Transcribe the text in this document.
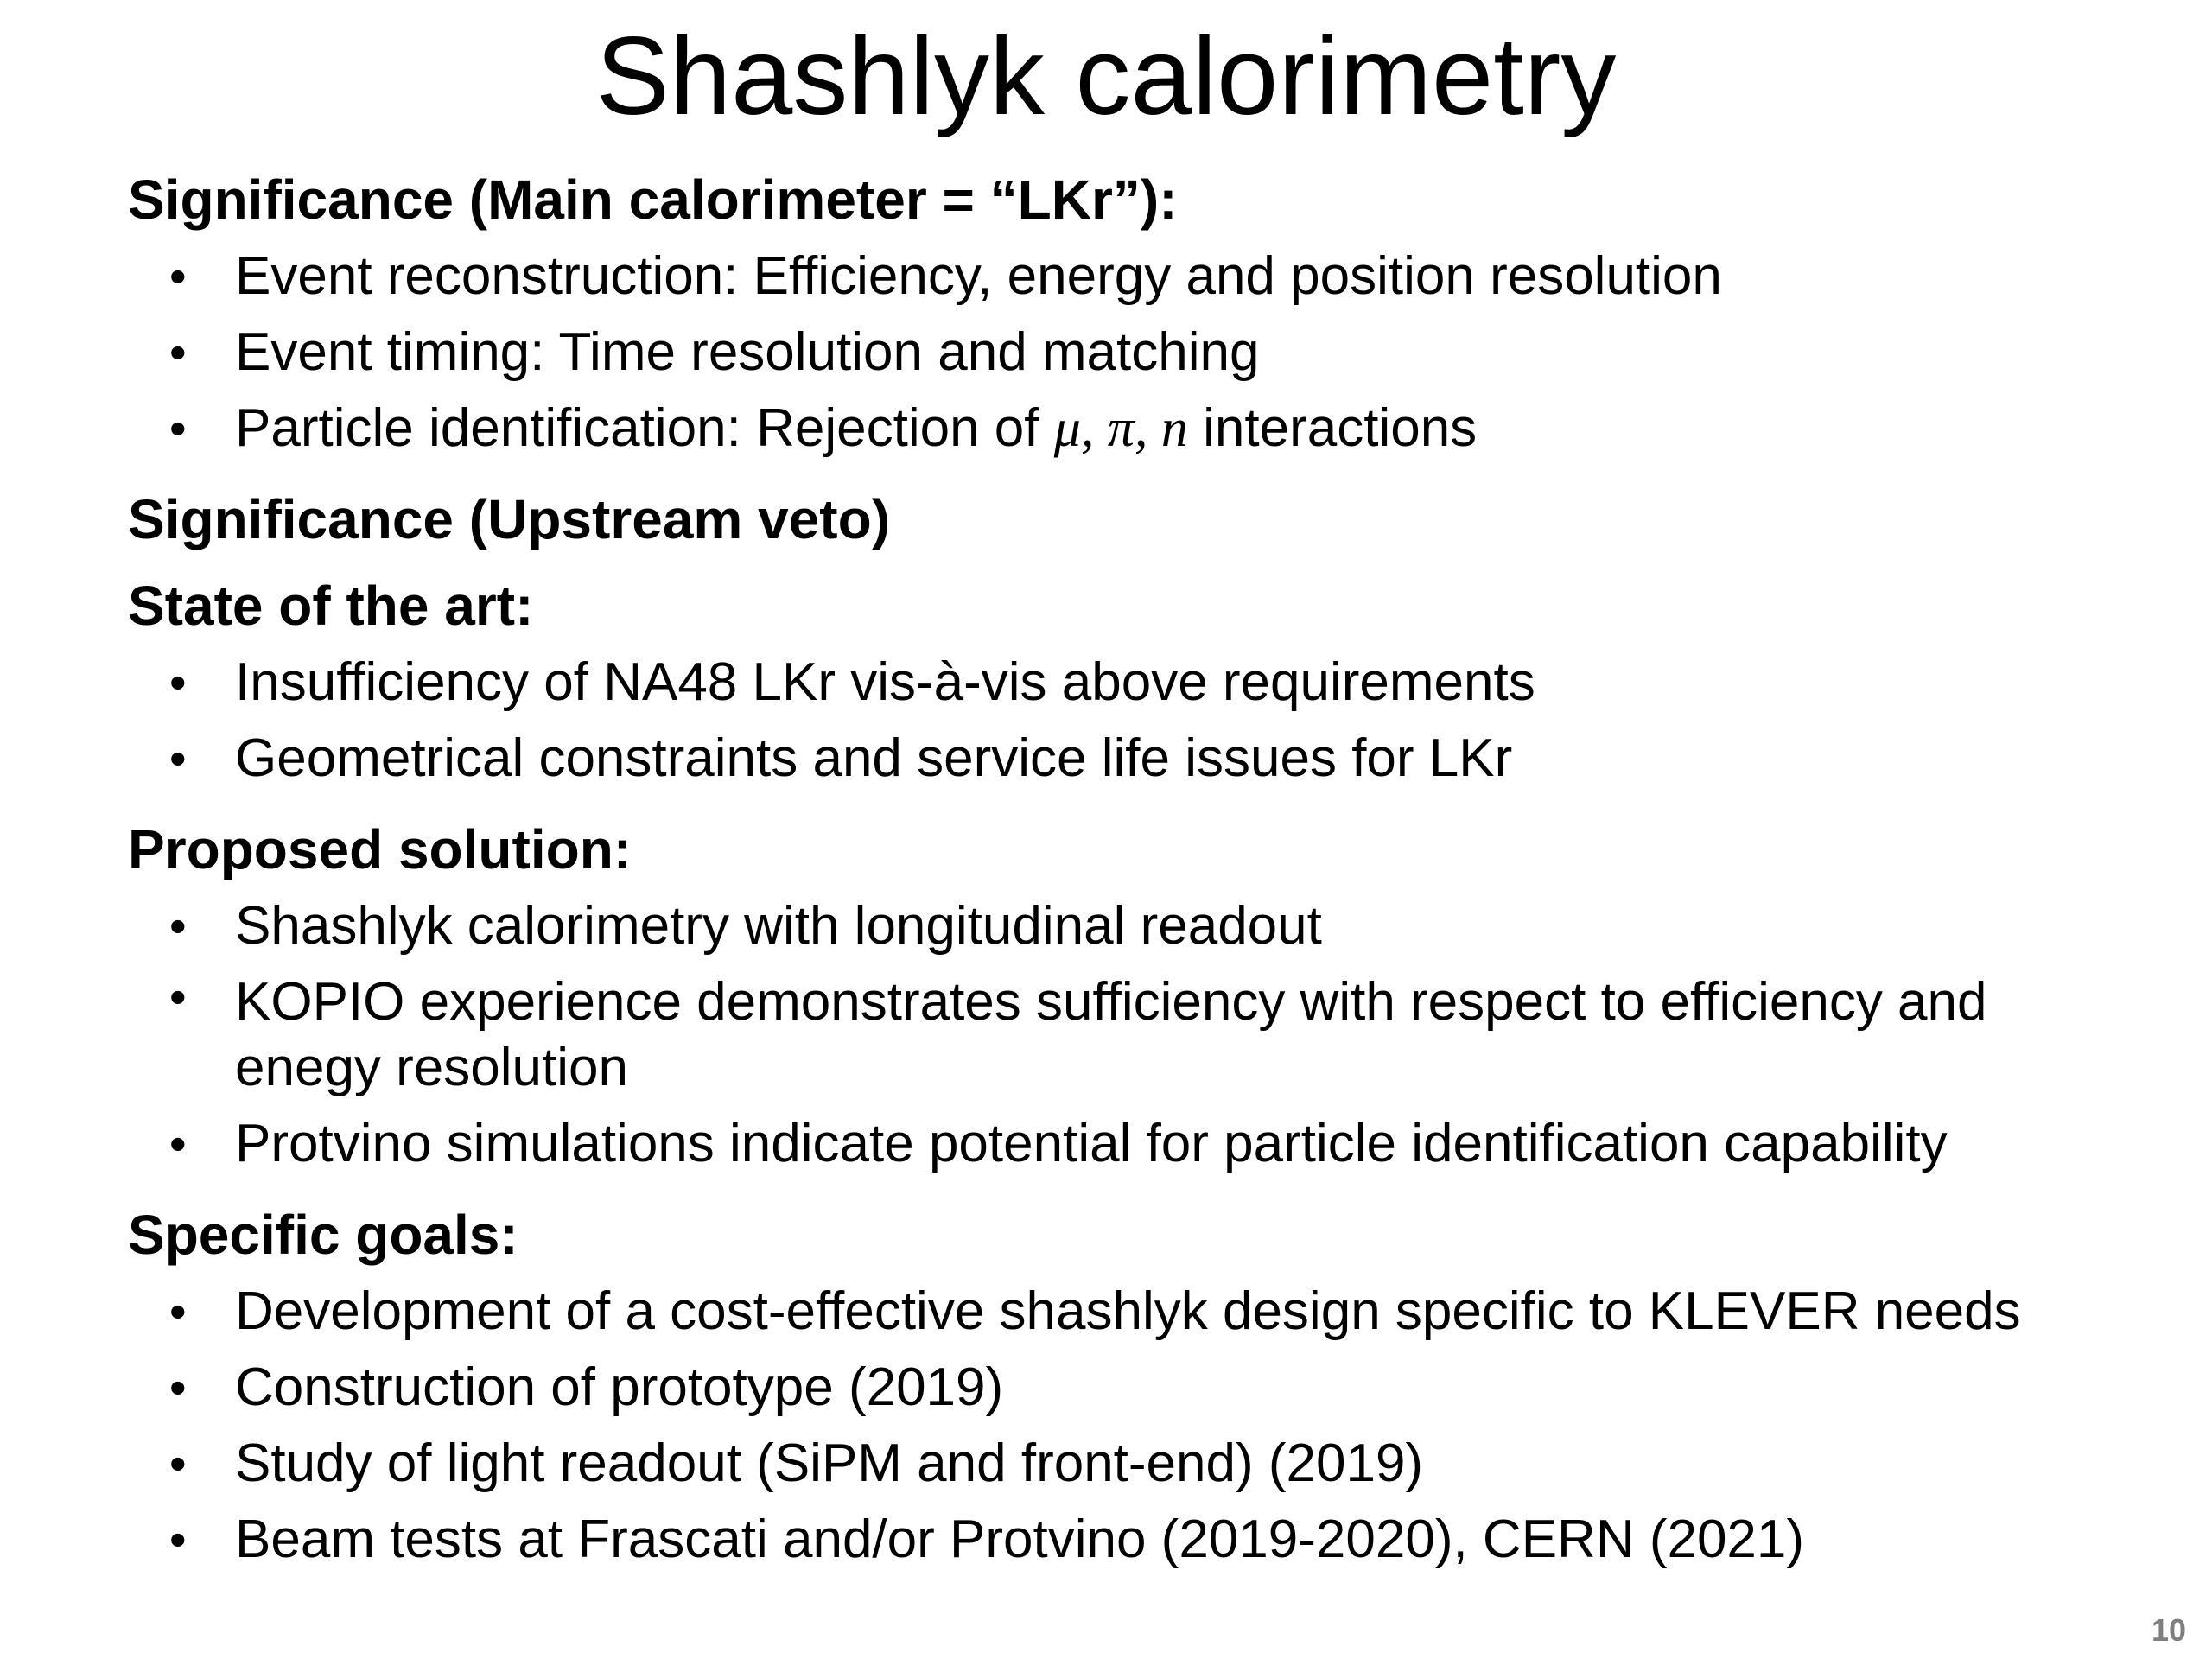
Shashlyk calorimetry

Significance (Main calorimeter = “LKr”):

• Event reconstruction: Efficiency, energy and position resolution
• Event timing: Time resolution and matching
• Particle identification: Rejection of μ, π, n interactions

Significance (Upstream veto)

State of the art:

• Insufficiency of NA48 LKr vis-à-vis above requirements
• Geometrical constraints and service life issues for LKr

Proposed solution:

• Shashlyk calorimetry with longitudinal readout
• KOPIO experience demonstrates sufficiency with respect to efficiency and enegy resolution
• Protvino simulations indicate potential for particle identification capability

Specific goals:

• Development of a cost-effective shashlyk design specific to KLEVER needs
• Construction of prototype (2019)
• Study of light readout (SiPM and front-end) (2019)
• Beam tests at Frascati and/or Protvino (2019-2020), CERN (2021)
10
